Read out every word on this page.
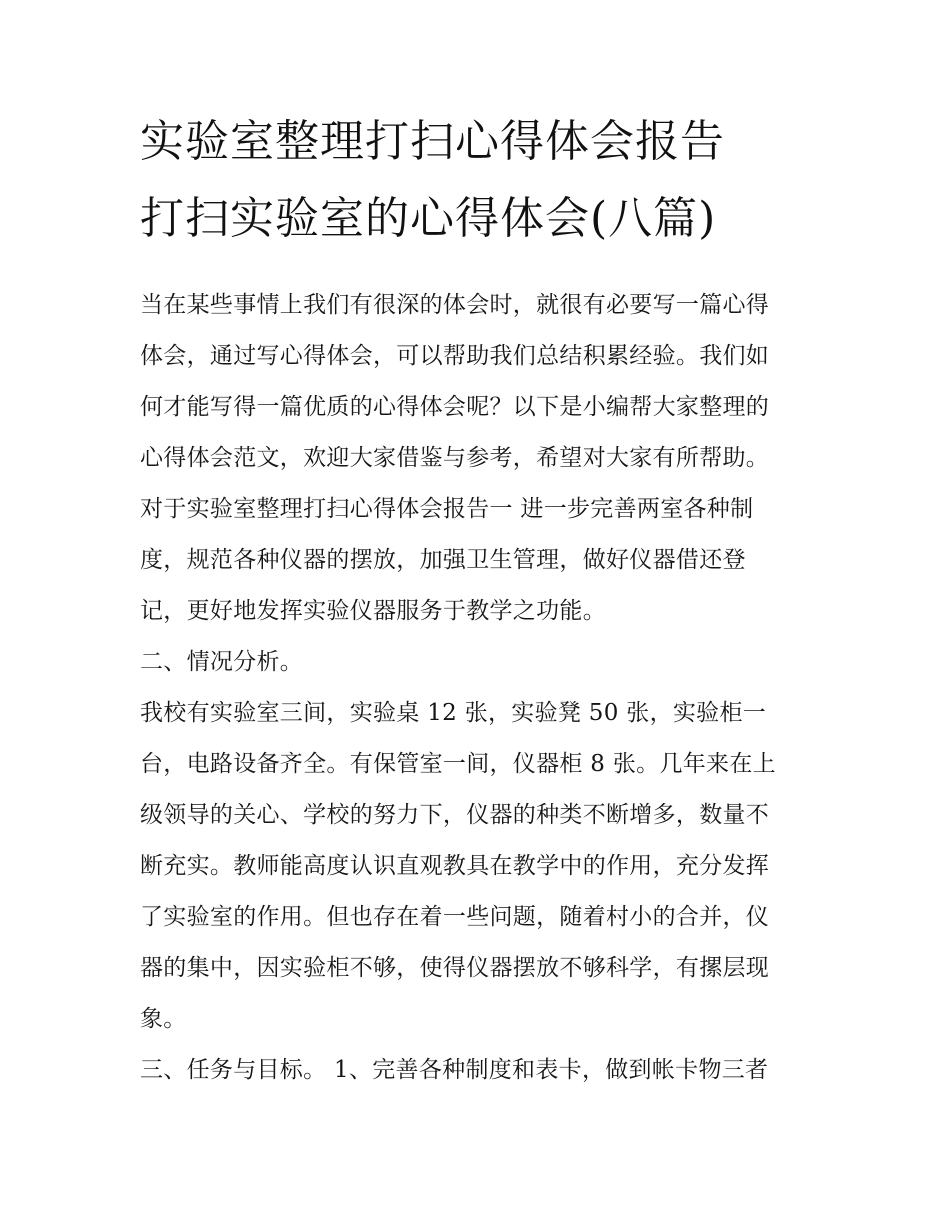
实验室整理打扫心得体会报告
打扫实验室的心得体会(八篇)
当在某些事情上我们有很深的体会时，就很有必要写一篇心得
体会，通过写心得体会，可以帮助我们总结积累经验。我们如
何才能写得一篇优质的心得体会呢？以下是小编帮大家整理的
心得体会范文，欢迎大家借鉴与参考，希望对大家有所帮助。
对于实验室整理打扫心得体会报告一 进一步完善两室各种制
度，规范各种仪器的摆放，加强卫生管理，做好仪器借还登
记，更好地发挥实验仪器服务于教学之功能。
二、情况分析。
我校有实验室三间，实验桌 12 张，实验凳 50 张，实验柜一
台，电路设备齐全。有保管室一间，仪器柜 8 张。几年来在上
级领导的关心、学校的努力下，仪器的种类不断增多，数量不
断充实。教师能高度认识直观教具在教学中的作用，充分发挥
了实验室的作用。但也存在着一些问题，随着村小的合并，仪
器的集中，因实验柜不够，使得仪器摆放不够科学，有摞层现
象。
三、任务与目标。 1、完善各种制度和表卡，做到帐卡物三者
